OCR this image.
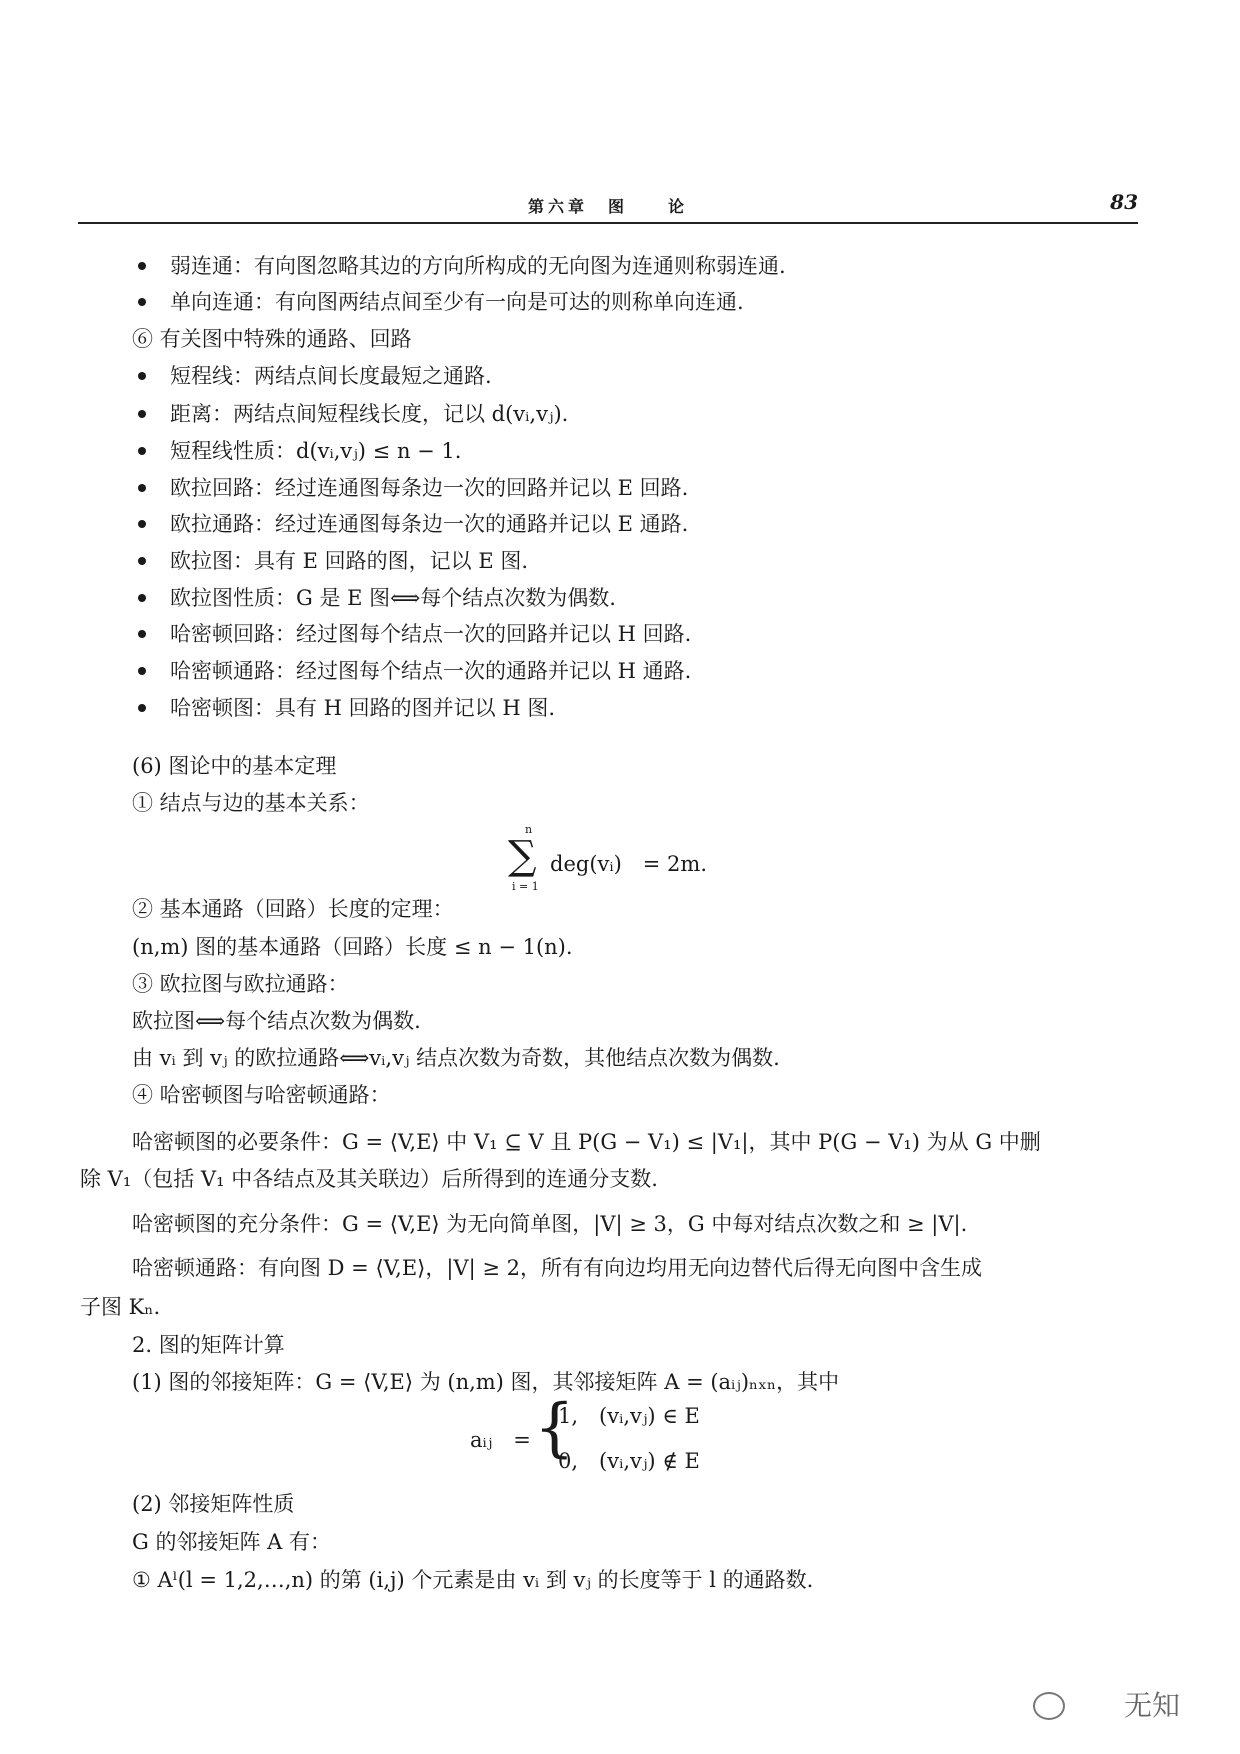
第六章　图　　论	83
弱连通：有向图忽略其边的方向所构成的无向图为连通则称弱连通.
单向连通：有向图两结点间至少有一向是可达的则称单向连通.
⑥ 有关图中特殊的通路、回路
短程线：两结点间长度最短之通路.
距离：两结点间短程线长度，记以 d(vᵢ,vⱼ).
短程线性质：d(vᵢ,vⱼ) ≤ n − 1.
欧拉回路：经过连通图每条边一次的回路并记以 E 回路.
欧拉通路：经过连通图每条边一次的通路并记以 E 通路.
欧拉图：具有 E 回路的图，记以 E 图.
欧拉图性质：G 是 E 图⟺每个结点次数为偶数.
哈密顿回路：经过图每个结点一次的回路并记以 H 回路.
哈密顿通路：经过图每个结点一次的通路并记以 H 通路.
哈密顿图：具有 H 回路的图并记以 H 图.
(6) 图论中的基本定理
① 结点与边的基本关系：
n
∑
i = 1
deg(vᵢ)　= 2m.
② 基本通路（回路）长度的定理：
(n,m) 图的基本通路（回路）长度 ≤ n − 1(n).
③ 欧拉图与欧拉通路：
欧拉图⟺每个结点次数为偶数.
由 vᵢ 到 vⱼ 的欧拉通路⟺vᵢ,vⱼ 结点次数为奇数，其他结点次数为偶数.
④ 哈密顿图与哈密顿通路：
哈密顿图的必要条件：G = ⟨V,E⟩ 中 V₁ ⊆ V 且 P(G − V₁) ≤ |V₁|，其中 P(G − V₁) 为从 G 中删
除 V₁（包括 V₁ 中各结点及其关联边）后所得到的连通分支数.
哈密顿图的充分条件：G = ⟨V,E⟩ 为无向简单图，|V| ≥ 3，G 中每对结点次数之和 ≥ |V|.
哈密顿通路：有向图 D = ⟨V,E⟩，|V| ≥ 2，所有有向边均用无向边替代后得无向图中含生成
子图 Kₙ.
2. 图的矩阵计算
(1) 图的邻接矩阵：G = ⟨V,E⟩ 为 (n,m) 图，其邻接矩阵 A = (aᵢⱼ)ₙₓₙ，其中
aᵢⱼ　= {
1,　(vᵢ,vⱼ) ∈ E
0,　(vᵢ,vⱼ) ∉ E
(2) 邻接矩阵性质
G 的邻接矩阵 A 有：
① Aˡ(l = 1,2,…,n) 的第 (i,j) 个元素是由 vᵢ 到 vⱼ 的长度等于 l 的通路数.
无知
